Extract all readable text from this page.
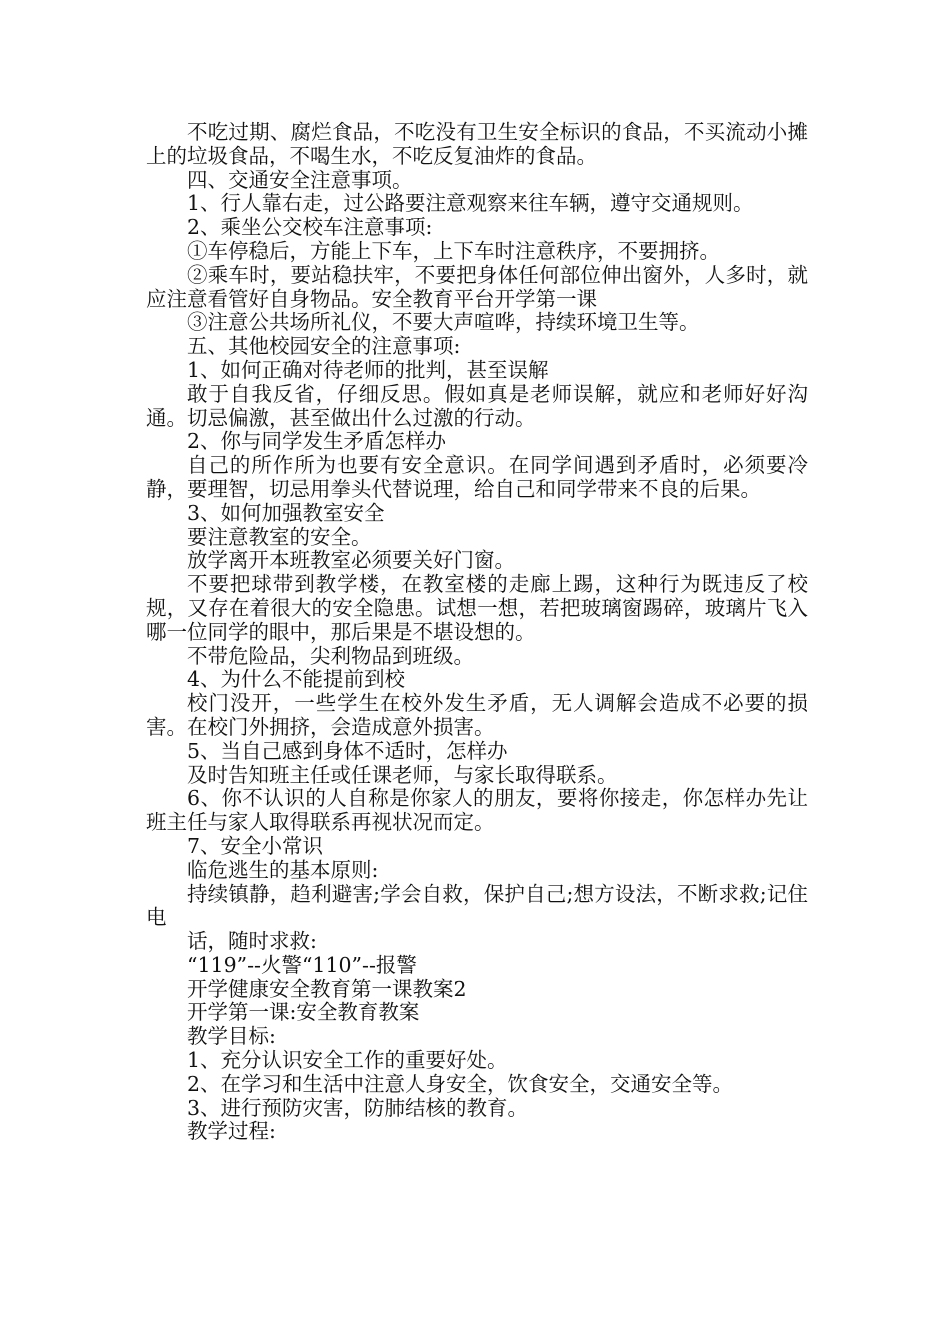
不吃过期、腐烂食品，不吃没有卫生安全标识的食品，不买流动小摊上的垃圾食品，不喝生水，不吃反复油炸的食品。

四、交通安全注意事项。

1、行人靠右走，过公路要注意观察来往车辆，遵守交通规则。

2、乘坐公交校车注意事项:

①车停稳后，方能上下车，上下车时注意秩序，不要拥挤。

②乘车时，要站稳扶牢，不要把身体任何部位伸出窗外，人多时，就应注意看管好自身物品。安全教育平台开学第一课

③注意公共场所礼仪，不要大声喧哗，持续环境卫生等。

五、其他校园安全的注意事项:

1、如何正确对待老师的批判，甚至误解

敢于自我反省，仔细反思。假如真是老师误解，就应和老师好好沟通。切忌偏激，甚至做出什么过激的行动。

2、你与同学发生矛盾怎样办

自己的所作所为也要有安全意识。在同学间遇到矛盾时，必须要冷静，要理智，切忌用拳头代替说理，给自己和同学带来不良的后果。

3、如何加强教室安全

要注意教室的安全。

放学离开本班教室必须要关好门窗。

不要把球带到教学楼，在教室楼的走廊上踢，这种行为既违反了校规，又存在着很大的安全隐患。试想一想，若把玻璃窗踢碎，玻璃片飞入哪一位同学的眼中，那后果是不堪设想的。

不带危险品，尖利物品到班级。

4、为什么不能提前到校

校门没开，一些学生在校外发生矛盾，无人调解会造成不必要的损害。在校门外拥挤，会造成意外损害。

5、当自己感到身体不适时，怎样办

及时告知班主任或任课老师，与家长取得联系。

6、你不认识的人自称是你家人的朋友，要将你接走，你怎样办先让班主任与家人取得联系再视状况而定。

7、安全小常识

临危逃生的基本原则:

持续镇静，趋利避害;学会自救，保护自己;想方设法，不断求救;记住电

话，随时求救:

“119”--火警“110”--报警

开学健康安全教育第一课教案2

开学第一课:安全教育教案

教学目标:

1、充分认识安全工作的重要好处。

2、在学习和生活中注意人身安全，饮食安全，交通安全等。

3、进行预防灾害，防肺结核的教育。

教学过程:
